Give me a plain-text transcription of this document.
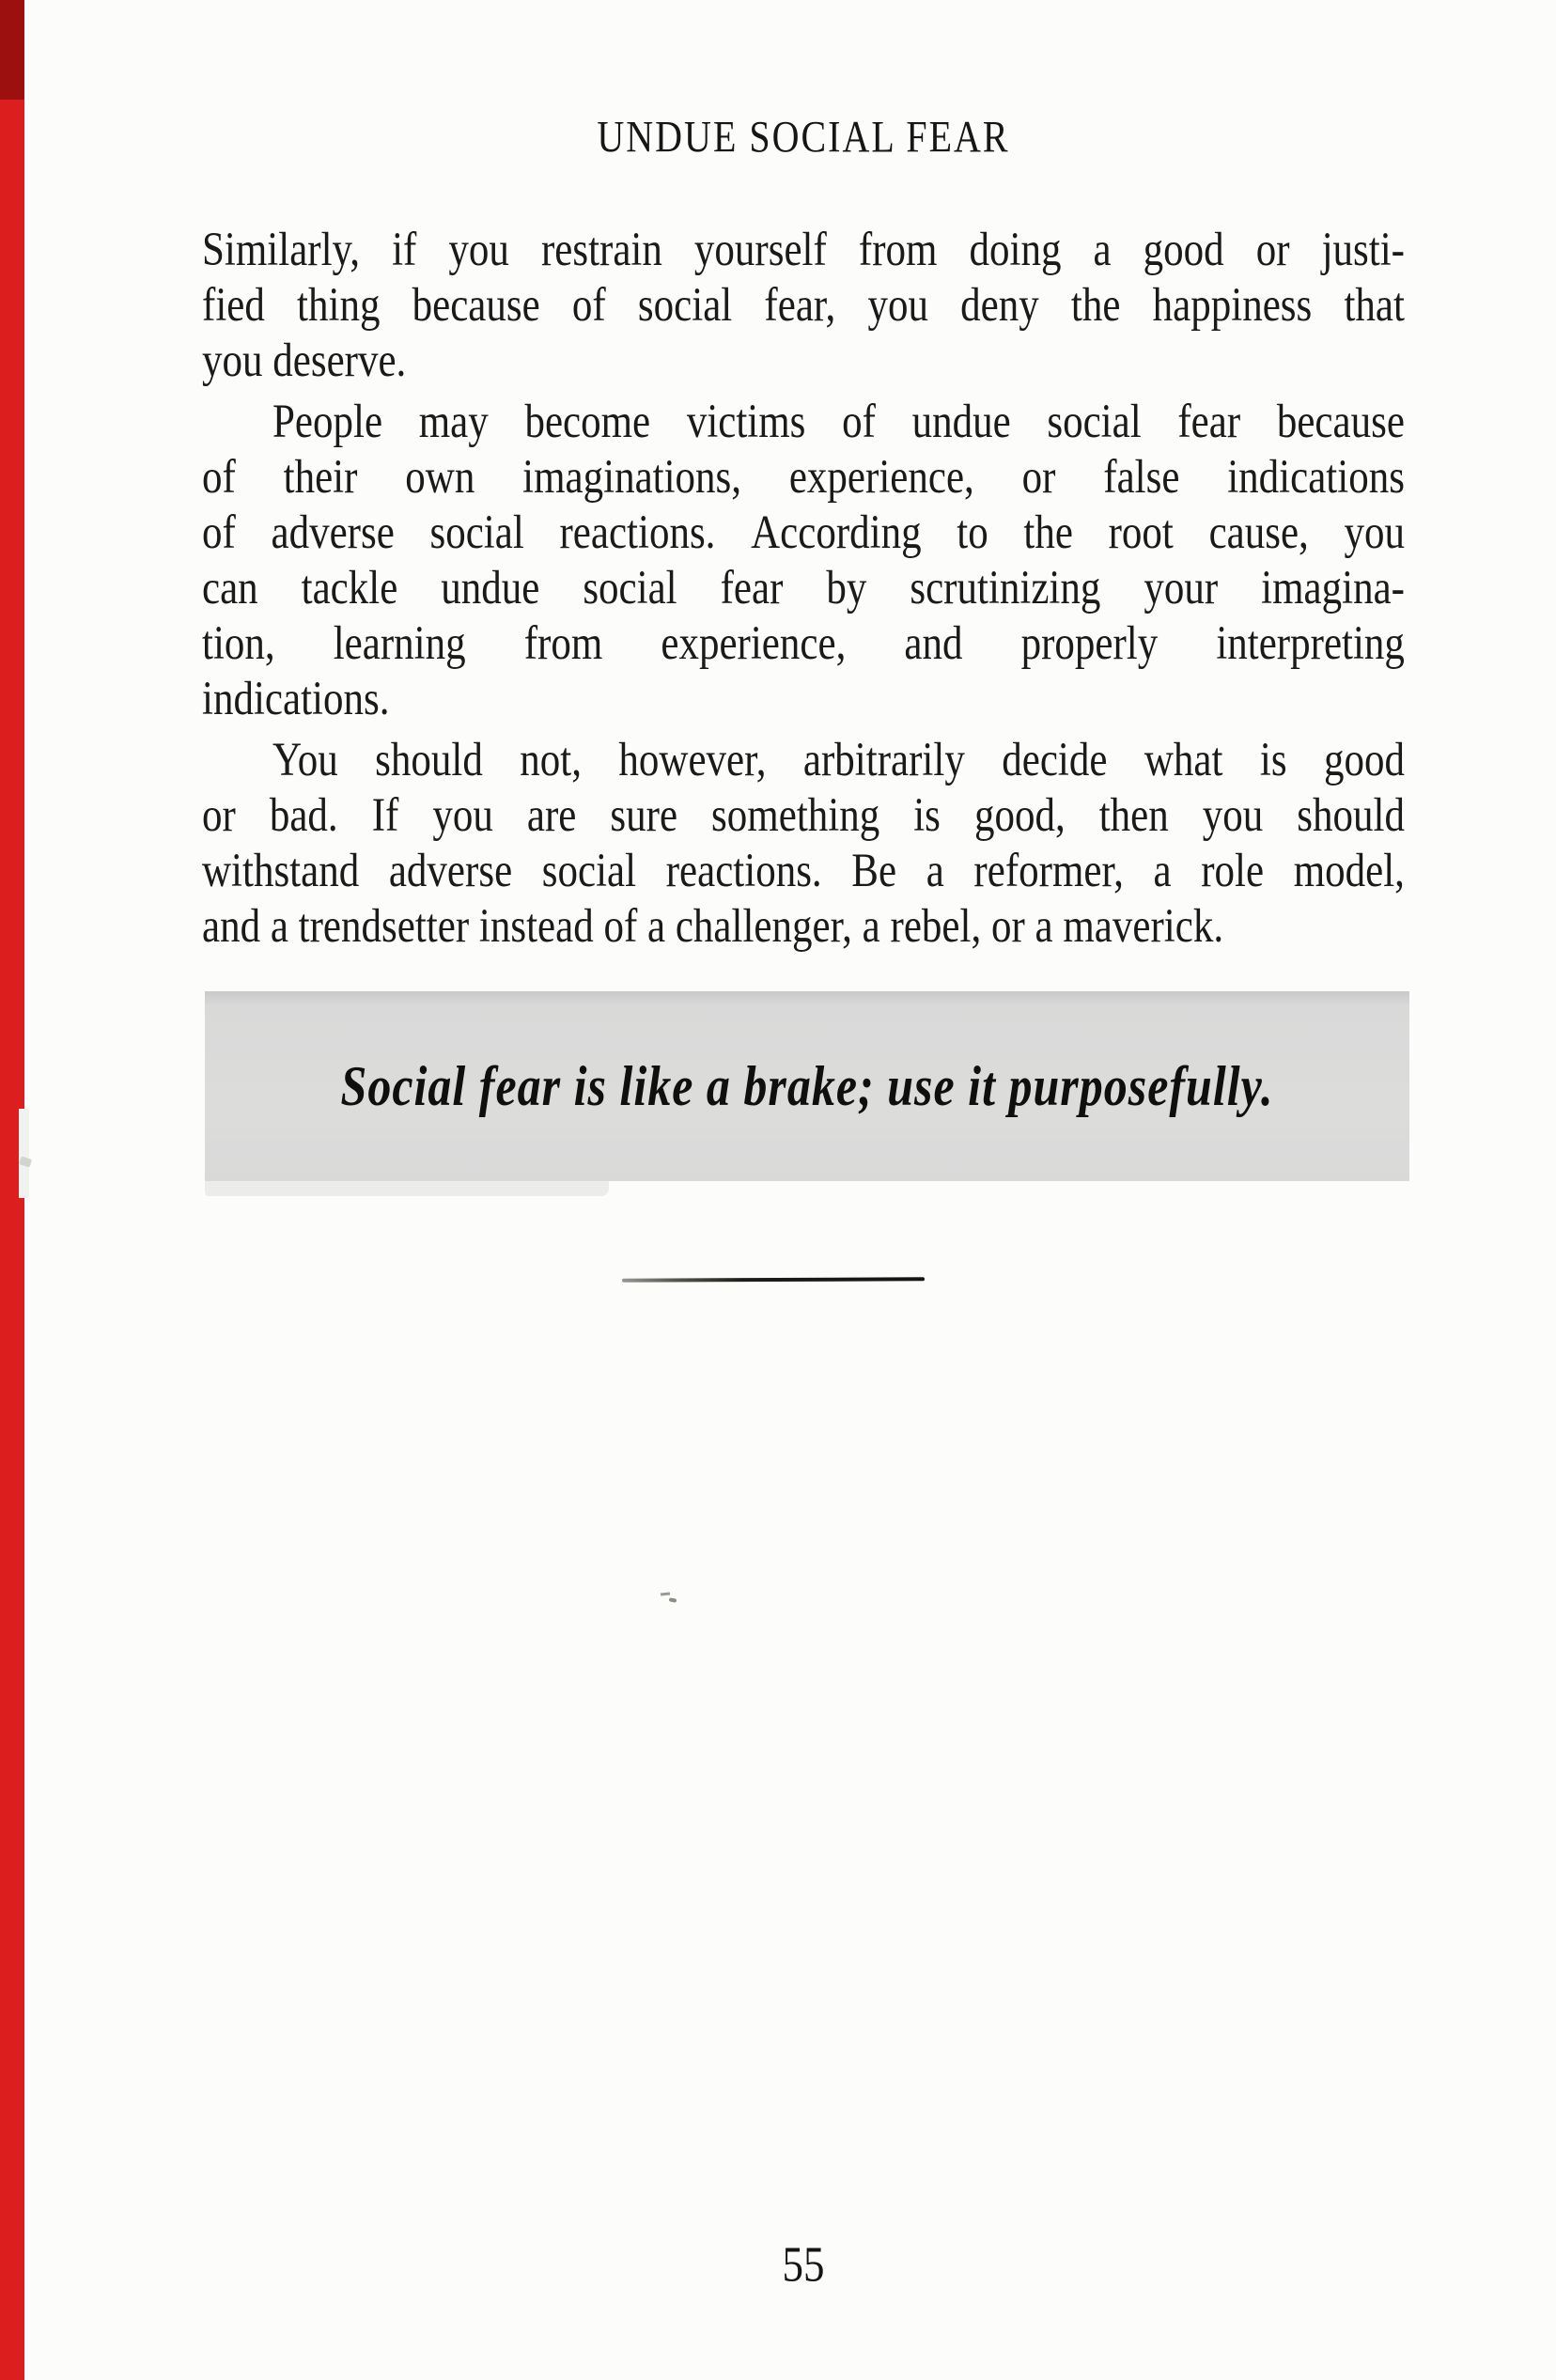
UNDUE SOCIAL FEAR
Similarly, if you restrain yourself from doing a good or justi-
fied thing because of social fear, you deny the happiness that
you deserve.
People may become victims of undue social fear because
of their own imaginations, experience, or false indications
of adverse social reactions. According to the root cause, you
can tackle undue social fear by scrutinizing your imagina-
tion, learning from experience, and properly interpreting
indications.
You should not, however, arbitrarily decide what is good
or bad. If you are sure something is good, then you should
withstand adverse social reactions. Be a reformer, a role model,
and a trendsetter instead of a challenger, a rebel, or a maverick.
Social fear is like a brake; use it purposefully.
55
